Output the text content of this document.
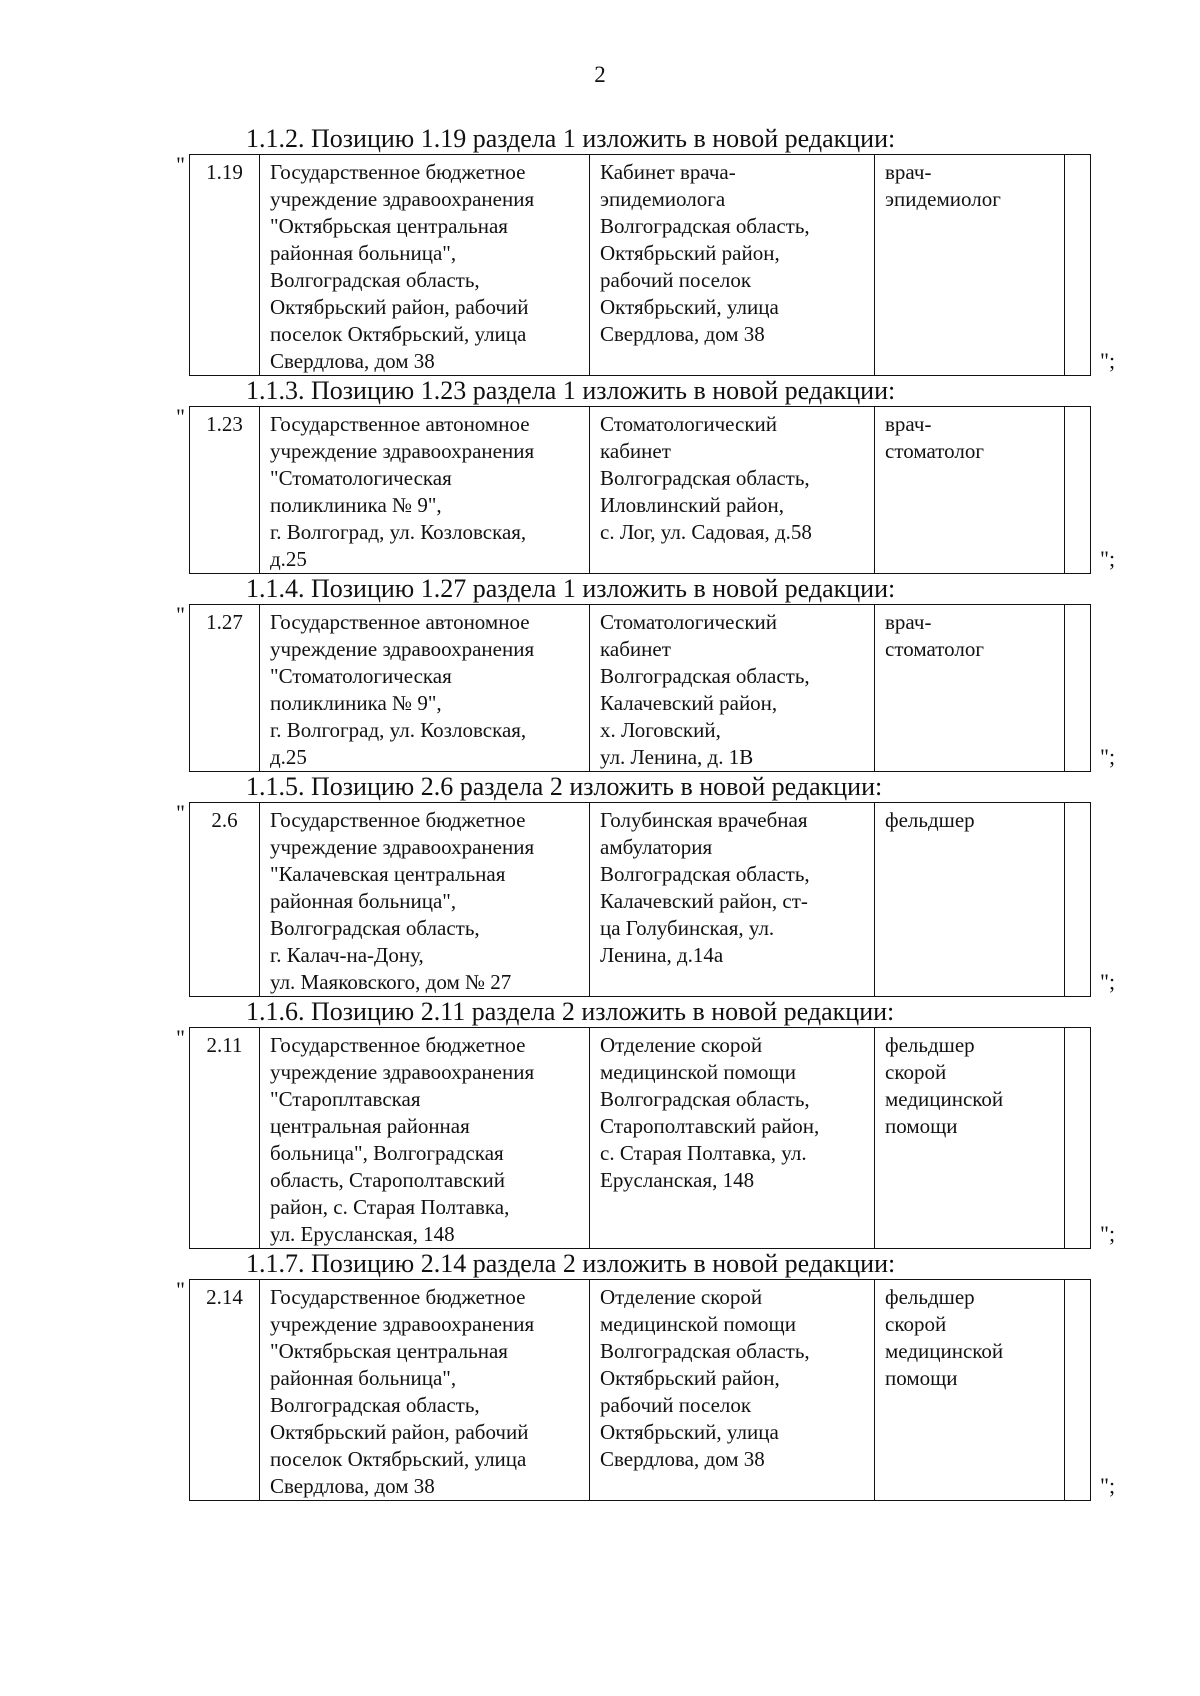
2
1.1.2. Позицию 1.19 раздела 1 изложить в новой редакции:
" 1.19	Государственное бюджетное
учреждение здравоохранения
"Октябрьская центральная
районная больница",
Волгоградская область,
Октябрьский район, рабочий
поселок Октябрьский, улица
Свердлова, дом 38

Кабинет врача-
эпидемиолога
Волгоградская область,
Октябрьский район,
рабочий поселок
Октябрьский, улица
Свердлова, дом 38

врач-
эпидемиолог

";
1.1.3. Позицию 1.23 раздела 1 изложить в новой редакции:
" 1.23	Государственное автономное
учреждение здравоохранения
"Стоматологическая
поликлиника № 9",
г. Волгоград, ул. Козловская,
д.25

Стоматологический
кабинет
Волгоградская область,
Иловлинский район,
с. Лог, ул. Садовая, д.58

врач-
стоматолог

";
1.1.4. Позицию 1.27 раздела 1 изложить в новой редакции:
" 1.27	Государственное автономное
учреждение здравоохранения
"Стоматологическая
поликлиника № 9",
г. Волгоград, ул. Козловская,
д.25

Стоматологический
кабинет
Волгоградская область,
Калачевский район,
х. Логовский,
ул. Ленина, д. 1В

врач-
стоматолог

";
1.1.5. Позицию 2.6 раздела 2 изложить в новой редакции:
" 2.6	Государственное бюджетное
учреждение здравоохранения
"Калачевская центральная
районная больница",
Волгоградская область,
г. Калач-на-Дону,
ул. Маяковского, дом № 27

Голубинская врачебная
амбулатория
Волгоградская область,
Калачевский район, ст-
ца Голубинская, ул.
Ленина, д.14а

фельдшер

";
1.1.6. Позицию 2.11 раздела 2 изложить в новой редакции:
" 2.11	Государственное бюджетное
учреждение здравоохранения
"Староплтавская
центральная районная
больница", Волгоградская
область, Старополтавский
район, с. Старая Полтавка,
ул. Еруcланская, 148

Отделение скорой
медицинской помощи
Волгоградская область,
Старополтавский район,
с. Старая Полтавка, ул.
Еруcланская, 148

фельдшер
скорой
медицинской
помощи

";
1.1.7. Позицию 2.14 раздела 2 изложить в новой редакции:
" 2.14	Государственное бюджетное
учреждение здравоохранения
"Октябрьская центральная
районная больница",
Волгоградская область,
Октябрьский район, рабочий
поселок Октябрьский, улица
Свердлова, дом 38

Отделение скорой
медицинской помощи
Волгоградская область,
Октябрьский район,
рабочий поселок
Октябрьский, улица
Свердлова, дом 38

фельдшер
скорой
медицинской
помощи

";
